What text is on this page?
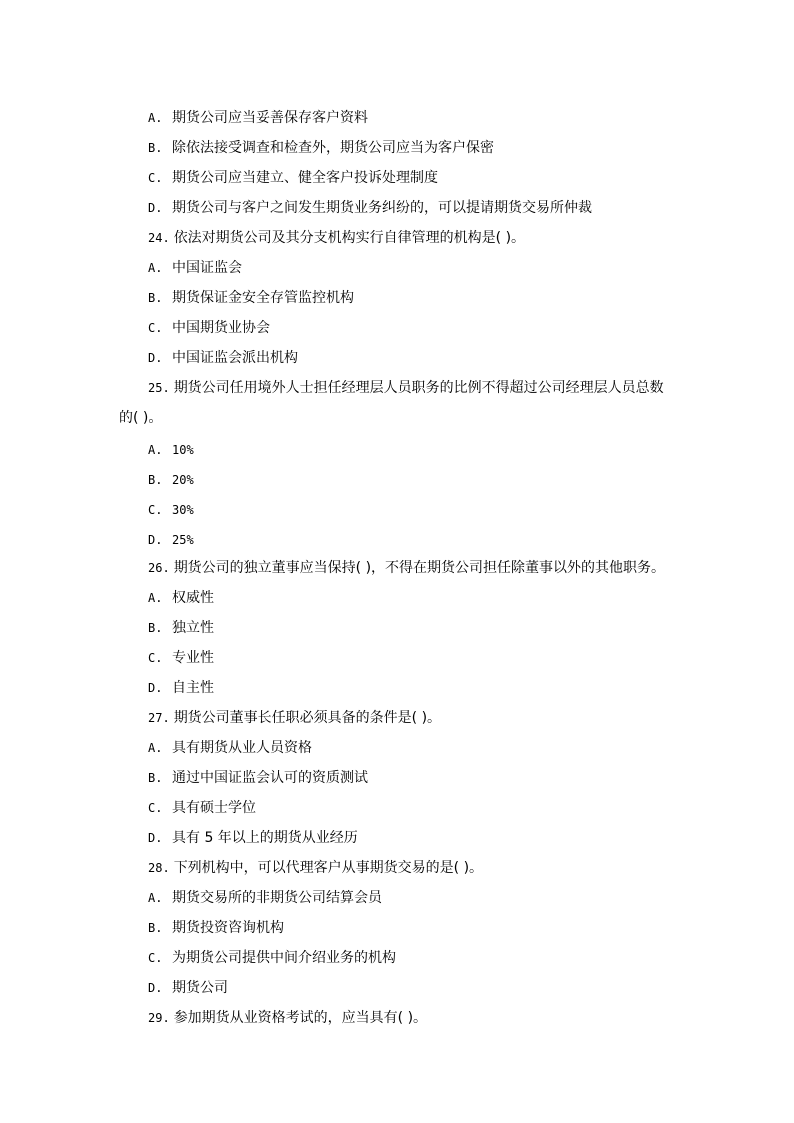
A. 期货公司应当妥善保存客户资料
B. 除依法接受调查和检查外，期货公司应当为客户保密
C. 期货公司应当建立、健全客户投诉处理制度
D. 期货公司与客户之间发生期货业务纠纷的，可以提请期货交易所仲裁
24. 依法对期货公司及其分支机构实行自律管理的机构是( )。
A. 中国证监会
B. 期货保证金安全存管监控机构
C. 中国期货业协会
D. 中国证监会派出机构
25. 期货公司任用境外人士担任经理层人员职务的比例不得超过公司经理层人员总数
的( )。
A. 10%
B. 20%
C. 30%
D. 25%
26. 期货公司的独立董事应当保持( )，不得在期货公司担任除董事以外的其他职务。
A. 权威性
B. 独立性
C. 专业性
D. 自主性
27. 期货公司董事长任职必须具备的条件是( )。
A. 具有期货从业人员资格
B. 通过中国证监会认可的资质测试
C. 具有硕士学位
D. 具有 5 年以上的期货从业经历
28. 下列机构中，可以代理客户从事期货交易的是( )。
A. 期货交易所的非期货公司结算会员
B. 期货投资咨询机构
C. 为期货公司提供中间介绍业务的机构
D. 期货公司
29. 参加期货从业资格考试的，应当具有( )。
